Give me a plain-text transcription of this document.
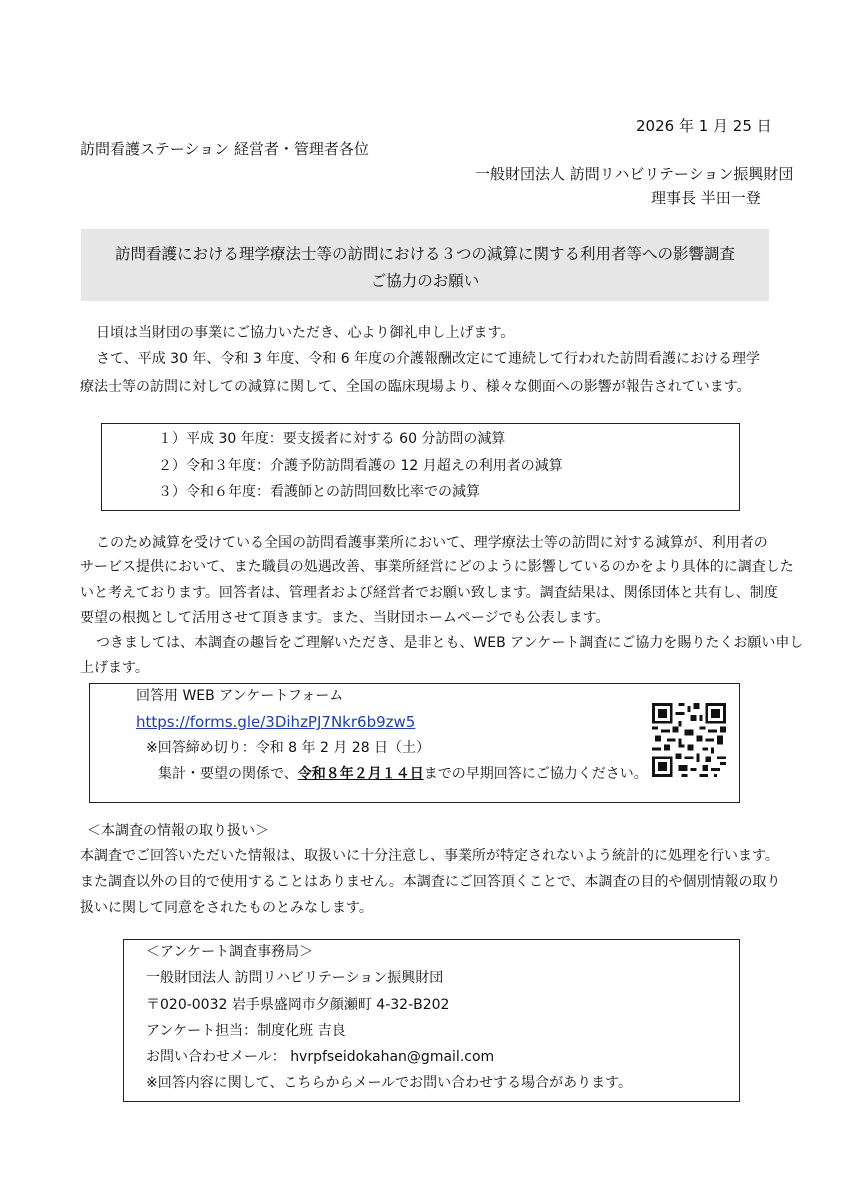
2026 年 1 月 25 日
訪問看護ステーション 経営者・管理者各位
一般財団法人 訪問リハビリテーション振興財団
理事長 半田一登
訪問看護における理学療法士等の訪問における３つの減算に関する利用者等への影響調査
ご協力のお願い
日頃は当財団の事業にご協力いただき、心より御礼申し上げます。
さて、平成 30 年、令和 3 年度、令和 6 年度の介護報酬改定にて連続して行われた訪問看護における理学
療法士等の訪問に対しての減算に関して、全国の臨床現場より、様々な側面への影響が報告されています。
１）平成 30 年度：要支援者に対する 60 分訪問の減算
２）令和３年度：介護予防訪問看護の 12 月超えの利用者の減算
３）令和６年度：看護師との訪問回数比率での減算
このため減算を受けている全国の訪問看護事業所において、理学療法士等の訪問に対する減算が、利用者の
サービス提供において、また職員の処遇改善、事業所経営にどのように影響しているのかをより具体的に調査した
いと考えております。回答者は、管理者および経営者でお願い致します。調査結果は、関係団体と共有し、制度
要望の根拠として活用させて頂きます。また、当財団ホームページでも公表します。
つきましては、本調査の趣旨をご理解いただき、是非とも、WEB アンケート調査にご協力を賜りたくお願い申し
上げます。
回答用 WEB アンケートフォーム
https://forms.gle/3DihzPJ7Nkr6b9zw5
※回答締め切り：令和 8 年 2 月 28 日（土）
集計・要望の関係で、令和８年２月１４日までの早期回答にご協力ください。
＜本調査の情報の取り扱い＞
本調査でご回答いただいた情報は、取扱いに十分注意し、事業所が特定されないよう統計的に処理を行います。
また調査以外の目的で使用することはありません。本調査にご回答頂くことで、本調査の目的や個別情報の取り
扱いに関して同意をされたものとみなします。
＜アンケート調査事務局＞
一般財団法人 訪問リハビリテーション振興財団
〒020-0032 岩手県盛岡市夕顔瀬町 4-32-B202
アンケート担当：制度化班 吉良
お問い合わせメール： hvrpfseidokahan@gmail.com
※回答内容に関して、こちらからメールでお問い合わせする場合があります。
